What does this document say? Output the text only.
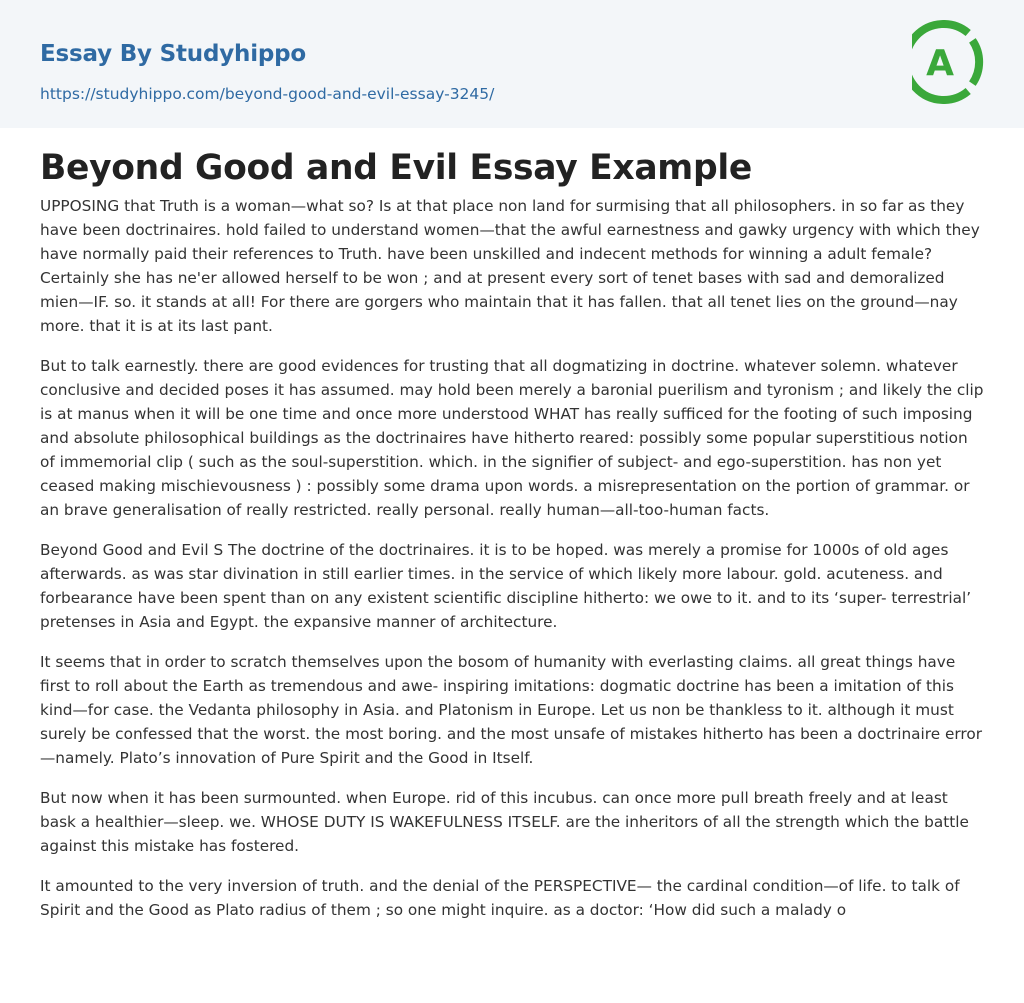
Essay By Studyhippo
https://studyhippo.com/beyond-good-and-evil-essay-3245/
A
Beyond Good and Evil Essay Example

UPPOSING that Truth is a woman—what so? Is at that place non land for surmising that all philosophers. in so far as they have been doctrinaires. hold failed to understand women—that the awful earnestness and gawky urgency with which they have normally paid their references to Truth. have been unskilled and indecent methods for winning a adult female? Certainly she has ne'er allowed herself to be won ; and at present every sort of tenet bases with sad and demoralized mien—IF. so. it stands at all! For there are gorgers who maintain that it has fallen. that all tenet lies on the ground—nay more. that it is at its last pant.

But to talk earnestly. there are good evidences for trusting that all dogmatizing in doctrine. whatever solemn. whatever conclusive and decided poses it has assumed. may hold been merely a baronial puerilism and tyronism ; and likely the clip is at manus when it will be one time and once more understood WHAT has really sufficed for the footing of such imposing and absolute philosophical buildings as the doctrinaires have hitherto reared: possibly some popular superstitious notion of immemorial clip ( such as the soul-superstition. which. in the signifier of subject- and ego-superstition. has non yet ceased making mischievousness ) : possibly some drama upon words. a misrepresentation on the portion of grammar. or an brave generalisation of really restricted. really personal. really human—all-too-human facts.

Beyond Good and Evil S The doctrine of the doctrinaires. it is to be hoped. was merely a promise for 1000s of old ages afterwards. as was star divination in still earlier times. in the service of which likely more labour. gold. acuteness. and forbearance have been spent than on any existent scientific discipline hitherto: we owe to it. and to its ‘super- terrestrial’ pretenses in Asia and Egypt. the expansive manner of architecture.

It seems that in order to scratch themselves upon the bosom of humanity with everlasting claims. all great things have first to roll about the Earth as tremendous and awe- inspiring imitations: dogmatic doctrine has been a imitation of this kind—for case. the Vedanta philosophy in Asia. and Platonism in Europe. Let us non be thankless to it. although it must surely be confessed that the worst. the most boring. and the most unsafe of mistakes hitherto has been a doctrinaire error—namely. Plato’s innovation of Pure Spirit and the Good in Itself.

But now when it has been surmounted. when Europe. rid of this incubus. can once more pull breath freely and at least bask a healthier—sleep. we. WHOSE DUTY IS WAKEFULNESS ITSELF. are the inheritors of all the strength which the battle against this mistake has fostered.

It amounted to the very inversion of truth. and the denial of the PERSPECTIVE— the cardinal condition—of life. to talk of Spirit and the Good as Plato radius of them ; so one might inquire. as a doctor: ‘How did such a malady o
